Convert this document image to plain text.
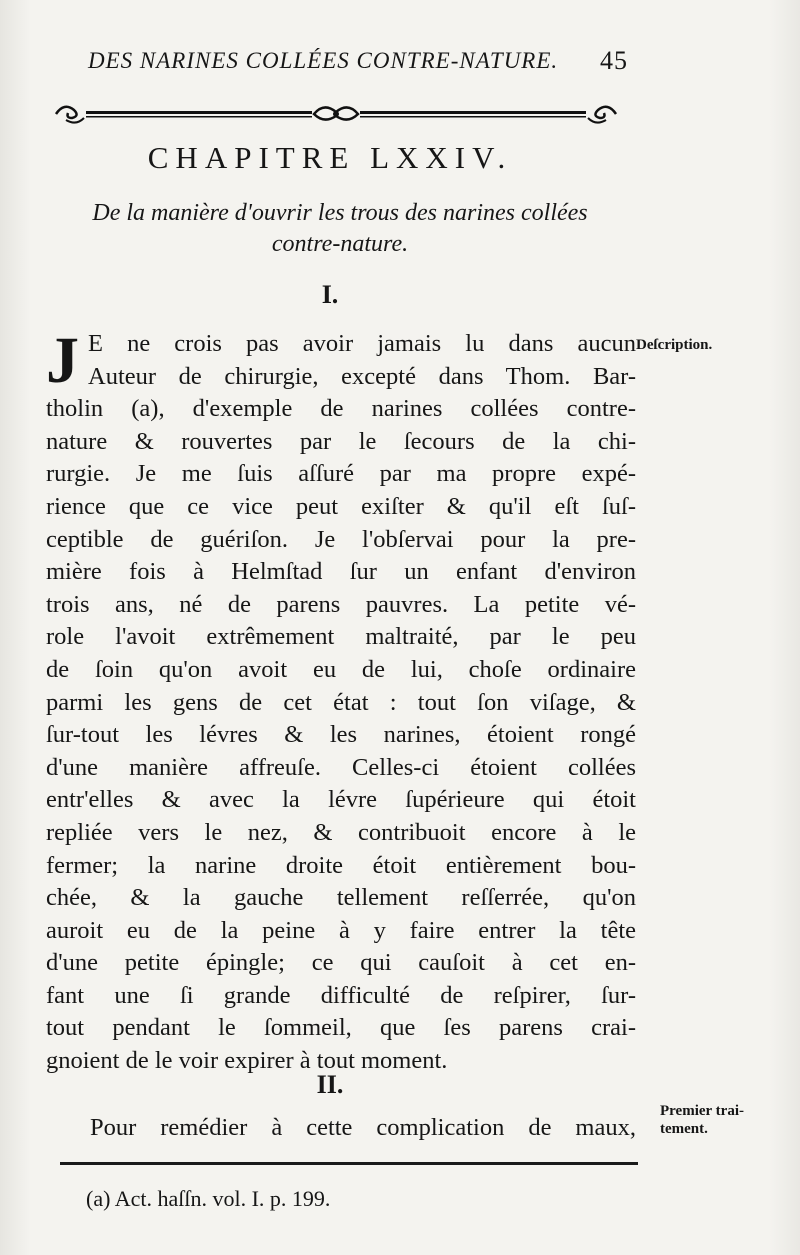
DES NARINES COLLÉES CONTRE-NATURE. 45
CHAPITRE LXXIV.
De la manière d'ouvrir les trous des narines collées
contre-nature.
I.
J E ne crois pas avoir jamais lu dans aucun
Auteur de chirurgie, excepté dans Thom. Bar-
tholin (a), d'exemple de narines collées contre-
nature & rouvertes par le ſecours de la chi-
rurgie. Je me ſuis aſſuré par ma propre expé-
rience que ce vice peut exiſter & qu'il eſt ſuſ-
ceptible de guériſon. Je l'obſervai pour la pre-
mière fois à Helmſtad ſur un enfant d'environ
trois ans, né de parens pauvres. La petite vé-
role l'avoit extrêmement maltraité, par le peu
de ſoin qu'on avoit eu de lui, choſe ordinaire
parmi les gens de cet état : tout ſon viſage, &
ſur-tout les lévres & les narines, étoient rongé
d'une manière affreuſe. Celles-ci étoient collées
entr'elles & avec la lévre ſupérieure qui étoit
repliée vers le nez, & contribuoit encore à le
fermer; la narine droite étoit entièrement bou-
chée, & la gauche tellement reſſerrée, qu'on
auroit eu de la peine à y faire entrer la tête
d'une petite épingle; ce qui cauſoit à cet en-
fant une ſi grande difficulté de reſpirer, ſur-
tout pendant le ſommeil, que ſes parens crai-
gnoient de le voir expirer à tout moment.
II.
Pour remédier à cette complication de maux,
Deſcription.
Premier trai-
tement.
(a) Act. haſſn. vol. I. p. 199.
